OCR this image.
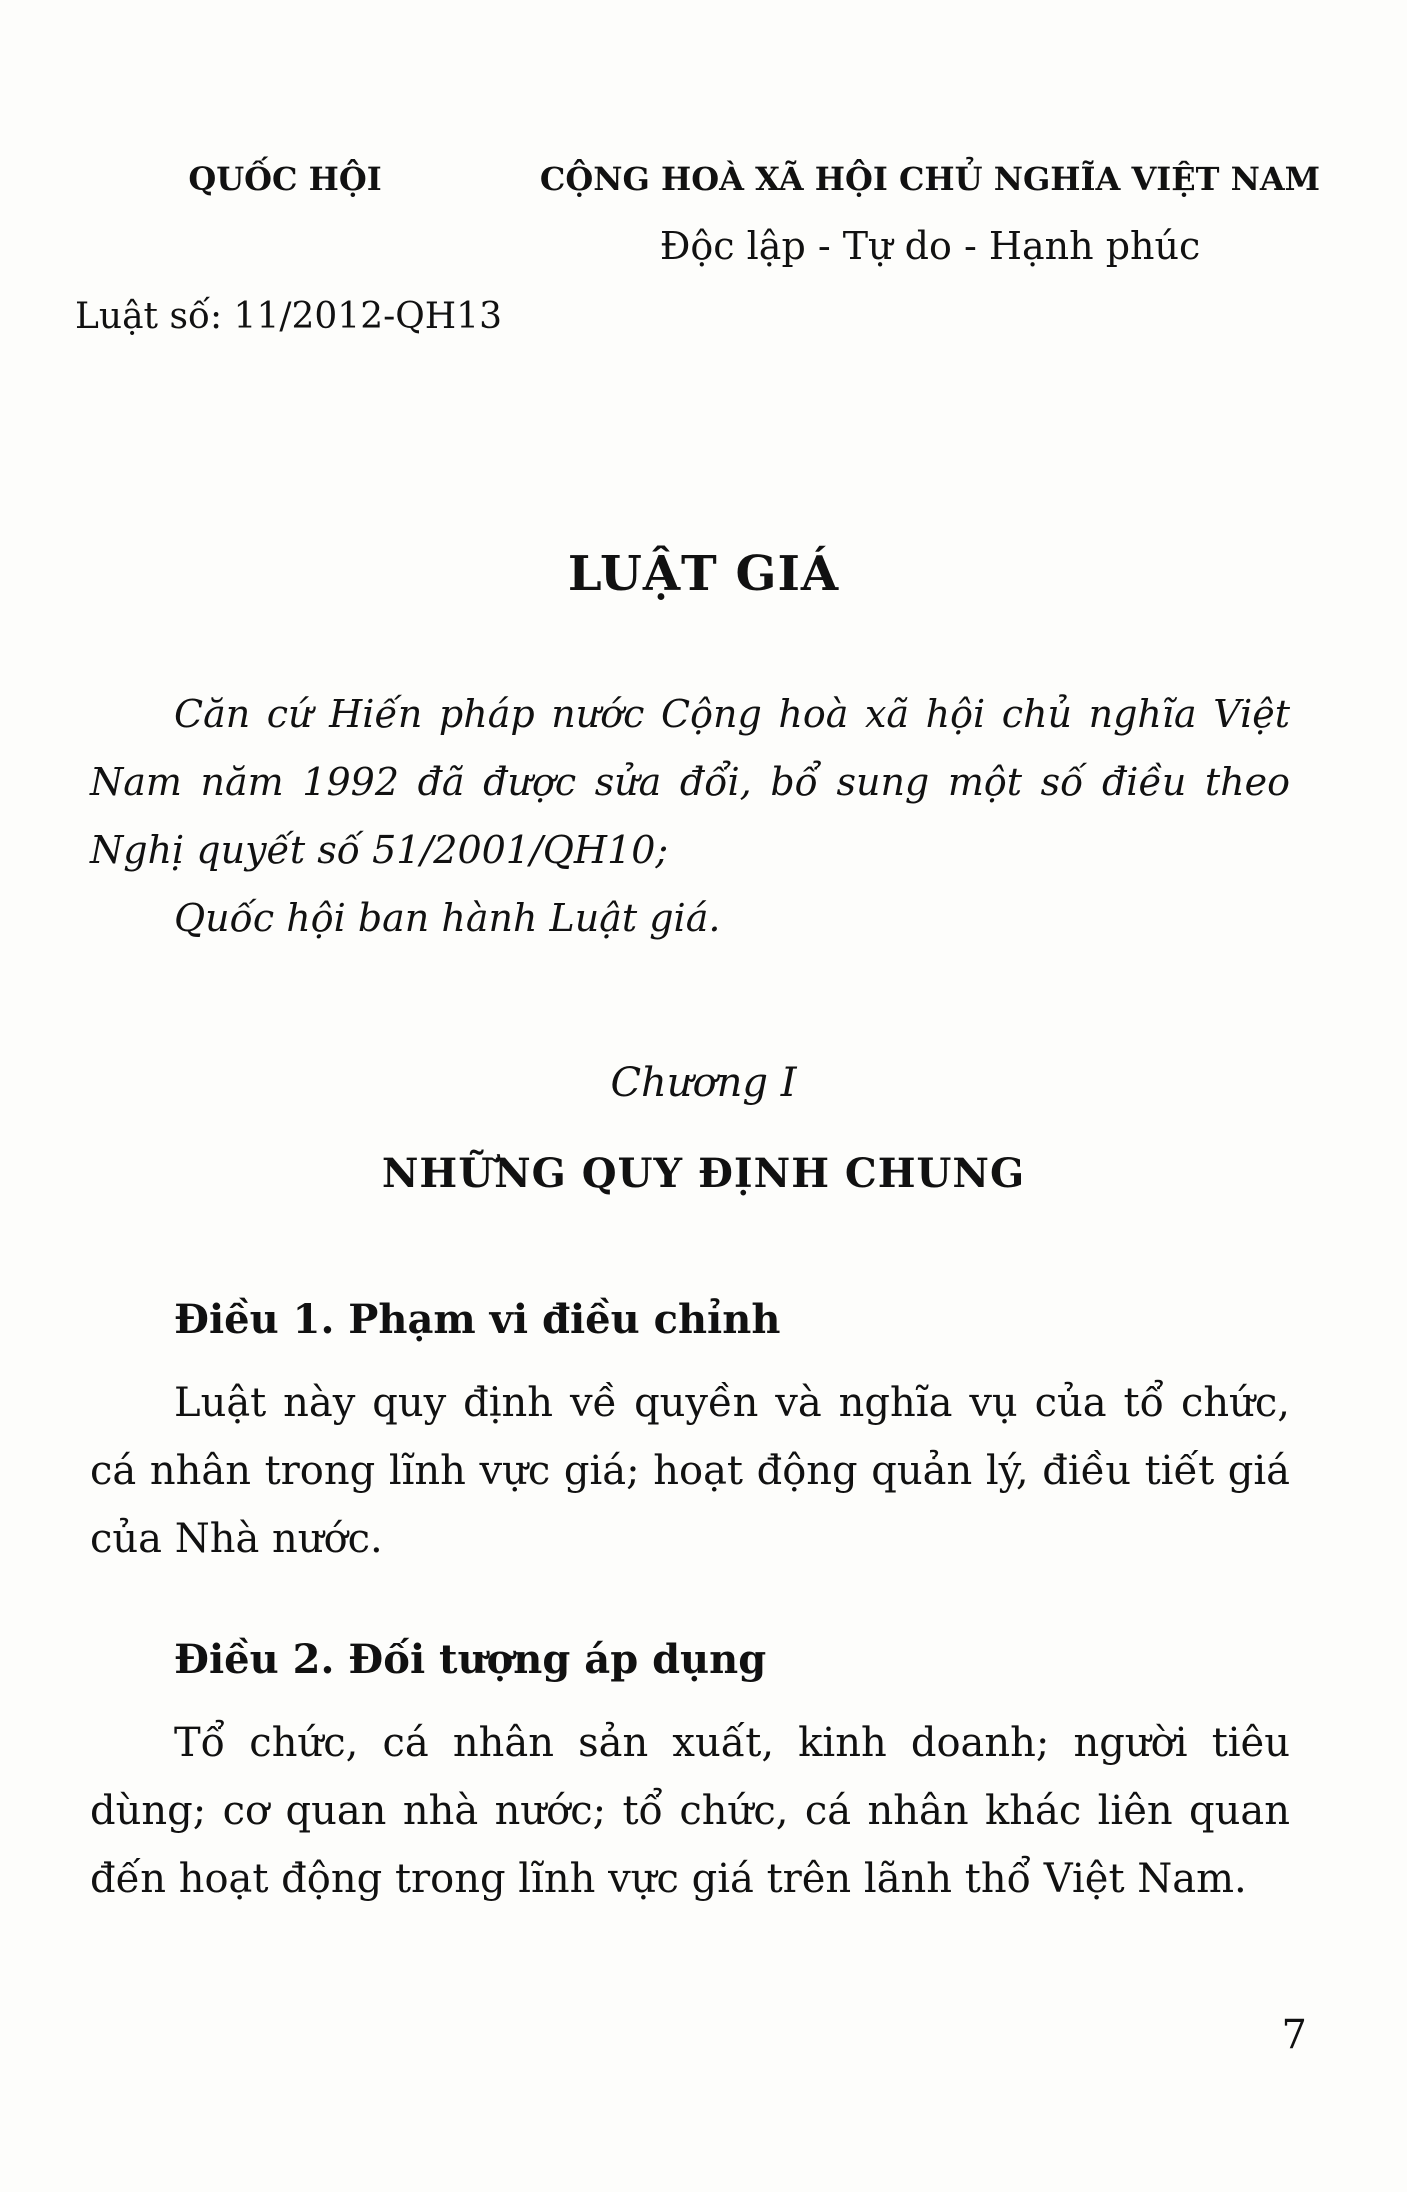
QUỐC HỘI
Luật số: 11/2012-QH13
CỘNG HOÀ XÃ HỘI CHỦ NGHĨA VIỆT NAM
Độc lập - Tự do - Hạnh phúc
LUẬT GIÁ

Căn cứ Hiến pháp nước Cộng hoà xã hội chủ nghĩa Việt Nam năm 1992 đã được sửa đổi, bổ sung một số điều theo Nghị quyết số 51/2001/QH10;

Quốc hội ban hành Luật giá.

Chương I
NHỮNG QUY ĐỊNH CHUNG
Điều 1. Phạm vi điều chỉnh

Luật này quy định về quyền và nghĩa vụ của tổ chức, cá nhân trong lĩnh vực giá; hoạt động quản lý, điều tiết giá của Nhà nước.

Điều 2. Đối tượng áp dụng

Tổ chức, cá nhân sản xuất, kinh doanh; người tiêu dùng; cơ quan nhà nước; tổ chức, cá nhân khác liên quan đến hoạt động trong lĩnh vực giá trên lãnh thổ Việt Nam.

7
